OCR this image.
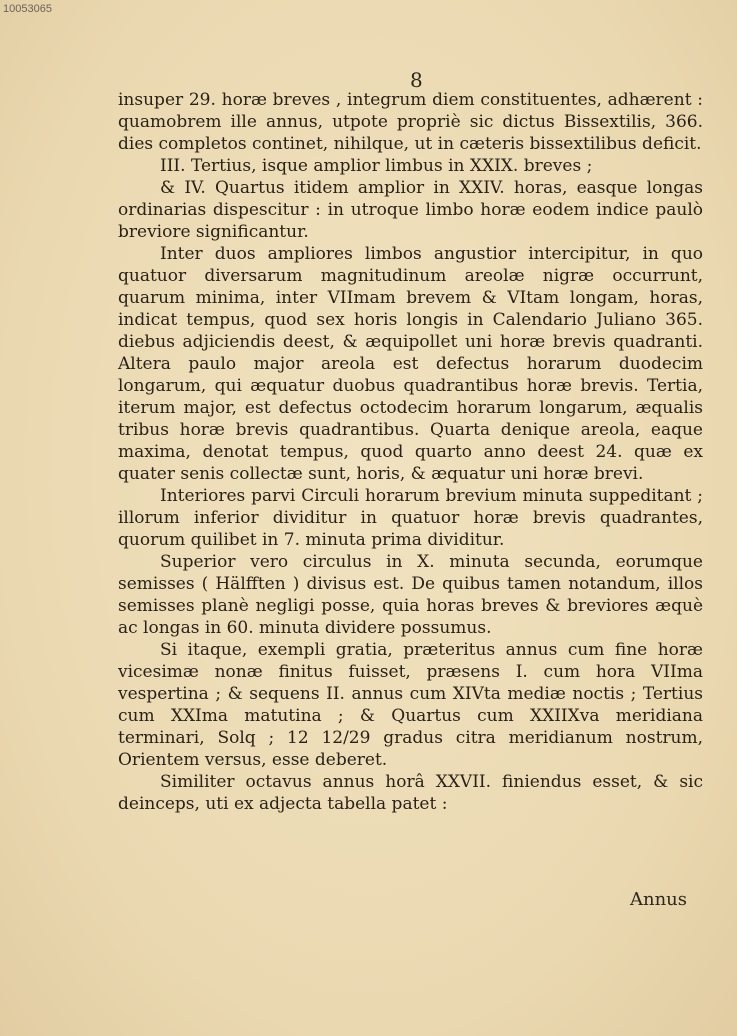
10053065
8

insuper 29. horæ breves , integrum diem constituentes, adhærent : quamobrem ille annus, utpote propriè sic dictus Bissextilis, 366. dies completos continet, nihilque, ut in cæteris bissextilibus deficit.

III. Tertius, isque amplior limbus in XXIX. breves ;

& IV. Quartus itidem amplior in XXIV. horas, easque longas ordinarias dispescitur : in utroque limbo horæ eodem indice paulò breviore significantur.

Inter duos ampliores limbos angustior intercipitur, in quo quatuor diversarum magnitudinum areolæ nigræ occurrunt, quarum minima, inter VIImam brevem & VItam longam, horas, indicat tempus, quod sex horis longis in Calendario Juliano 365. diebus adjiciendis deest, & æquipollet uni horæ brevis quadranti. Altera paulo major areola est defectus horarum duodecim longarum, qui æquatur duobus quadrantibus horæ brevis. Tertia, iterum major, est defectus octodecim horarum longarum, æqualis tribus horæ brevis quadrantibus. Quarta denique areola, eaque maxima, denotat tempus, quod quarto anno deest 24. quæ ex quater senis collectæ sunt, horis, & æquatur uni horæ brevi.

Interiores parvi Circuli horarum brevium minuta suppeditant ; illorum inferior dividitur in quatuor horæ brevis quadrantes, quorum quilibet in 7. minuta prima dividitur.

Superior vero circulus in X. minuta secunda, eorumque semisses ( Hälfften ) divisus est. De quibus tamen notandum, illos semisses planè negligi posse, quia horas breves & breviores æquè ac longas in 60. minuta dividere possumus.

Si itaque, exempli gratia, præteritus annus cum fine horæ vicesimæ nonæ finitus fuisset, præsens I. cum hora VIIma vespertina ; & sequens II. annus cum XIVta mediæ noctis ; Tertius cum XXIma matutina ; & Quartus cum XXIIXva meridiana terminari, Solq ; 12 12/29 gradus citra meridianum nostrum, Orientem versus, esse deberet.

Similiter octavus annus horâ XXVII. finiendus esset, & sic deinceps, uti ex adjecta tabella patet :

Annus
